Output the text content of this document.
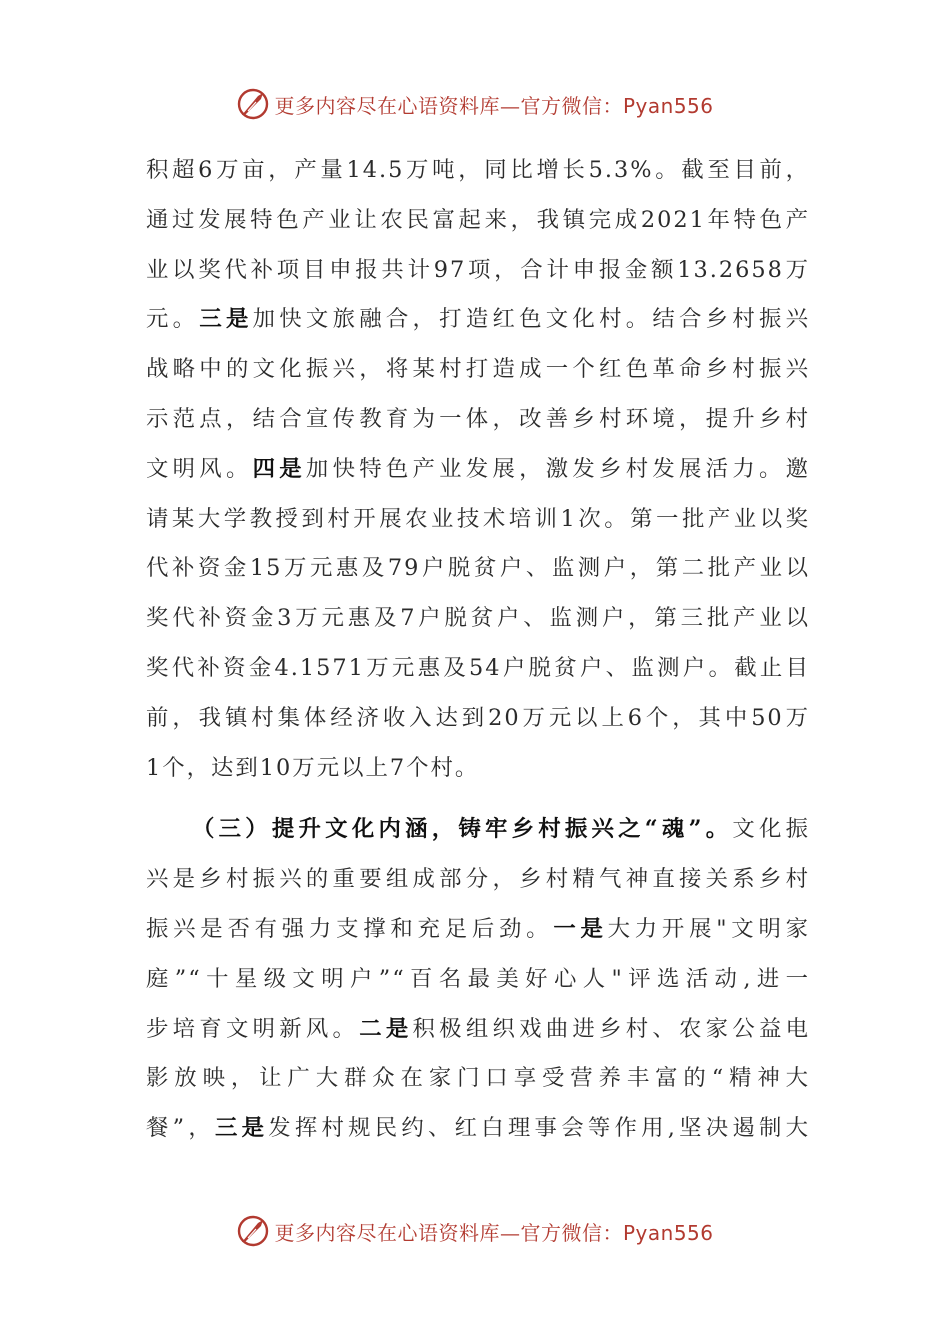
更多内容尽在心语资料库—官方微信：Pyan556
积超6万亩，产量14.5万吨，同比增长5.3%。截至目前，
通过发展特色产业让农民富起来，我镇完成2021年特色产
业以奖代补项目申报共计97项，合计申报金额13.2658万
元。三是加快文旅融合，打造红色文化村。结合乡村振兴
战略中的文化振兴，将某村打造成一个红色革命乡村振兴
示范点，结合宣传教育为一体，改善乡村环境，提升乡村
文明风。四是加快特色产业发展，激发乡村发展活力。邀
请某大学教授到村开展农业技术培训1次。第一批产业以奖
代补资金15万元惠及79户脱贫户、监测户，第二批产业以
奖代补资金3万元惠及7户脱贫户、监测户，第三批产业以
奖代补资金4.1571万元惠及54户脱贫户、监测户。截止目
前，我镇村集体经济收入达到20万元以上6个，其中50万
1个，达到10万元以上7个村。
（三）提升文化内涵，铸牢乡村振兴之“魂”。文化振
兴是乡村振兴的重要组成部分，乡村精气神直接关系乡村
振兴是否有强力支撑和充足后劲。一是大力开展"文明家
庭”“十星级文明户”“百名最美好心人"评选活动,进一
步培育文明新风。二是积极组织戏曲进乡村、农家公益电
影放映，让广大群众在家门口享受营养丰富的“精神大
餐”，三是发挥村规民约、红白理事会等作用,坚决遏制大
更多内容尽在心语资料库—官方微信：Pyan556
